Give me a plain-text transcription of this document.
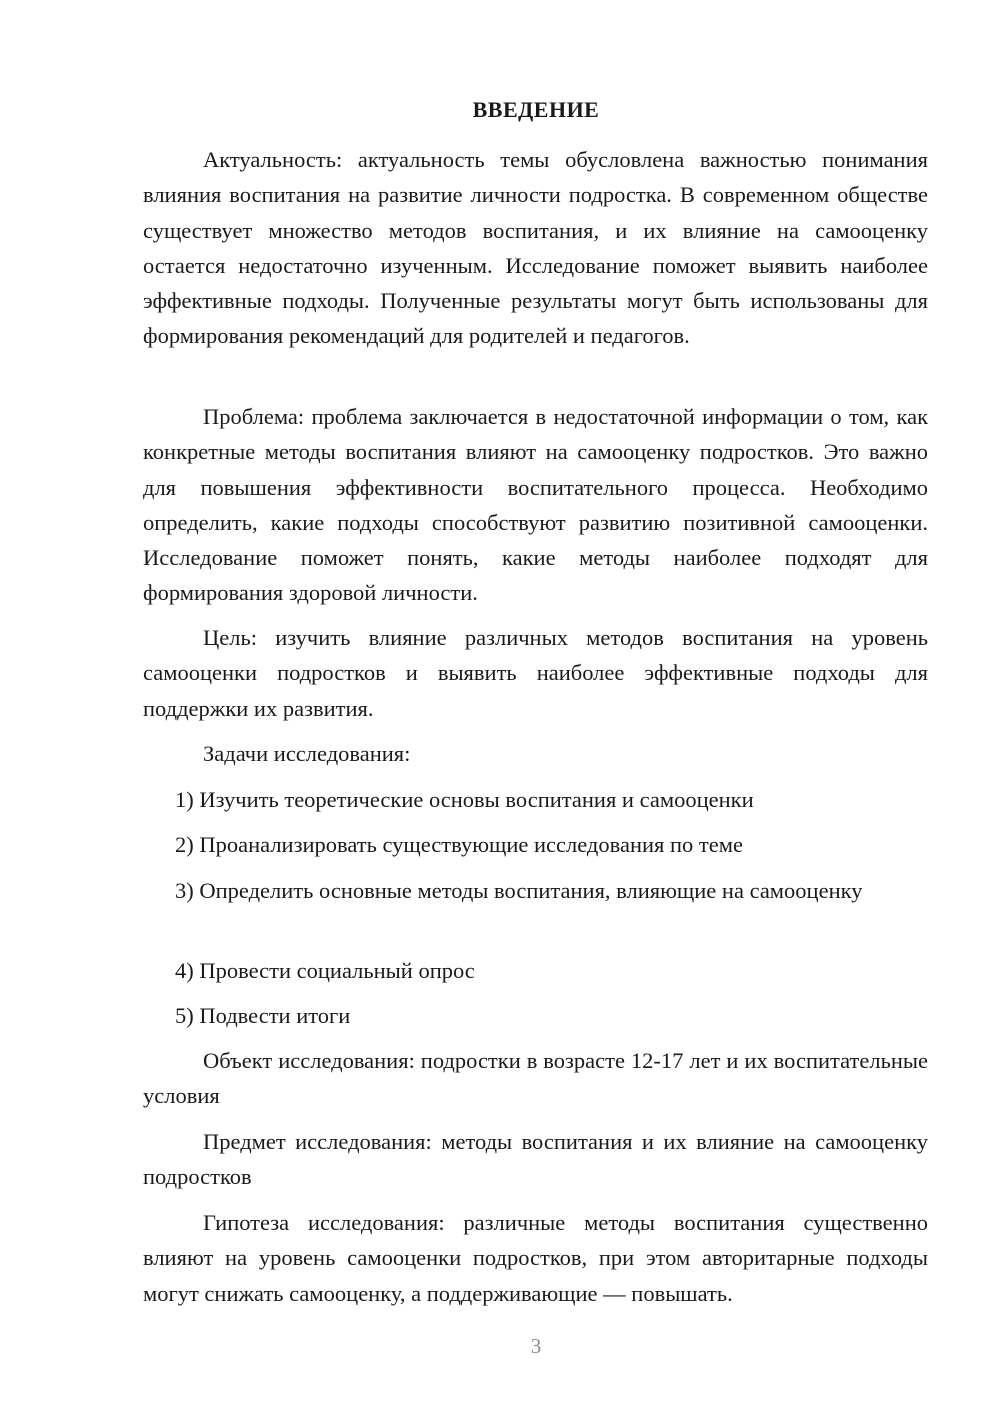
ВВЕДЕНИЕ

Актуальность: актуальность темы обусловлена важностью понимания влияния воспитания на развитие личности подростка. В современном обществе существует множество методов воспитания, и их влияние на самооценку остается недостаточно изученным. Исследование поможет выявить наиболее эффективные подходы. Полученные результаты могут быть использованы для формирования рекомендаций для родителей и педагогов.

Проблема: проблема заключается в недостаточной информации о том, как конкретные методы воспитания влияют на самооценку подростков. Это важно для повышения эффективности воспитательного процесса. Необходимо определить, какие подходы способствуют развитию позитивной самооценки. Исследование поможет понять, какие методы наиболее подходят для формирования здоровой личности.

Цель: изучить влияние различных методов воспитания на уровень самооценки подростков и выявить наиболее эффективные подходы для поддержки их развития.

Задачи исследования:

1) Изучить теоретические основы воспитания и самооценки

2) Проанализировать существующие исследования по теме

3) Определить основные методы воспитания, влияющие на самооценку

4) Провести социальный опрос

5) Подвести итоги

Объект исследования: подростки в возрасте 12-17 лет и их воспитательные условия

Предмет исследования: методы воспитания и их влияние на самооценку подростков

Гипотеза исследования: различные методы воспитания существенно влияют на уровень самооценки подростков, при этом авторитарные подходы могут снижать самооценку, а поддерживающие — повышать.

3
